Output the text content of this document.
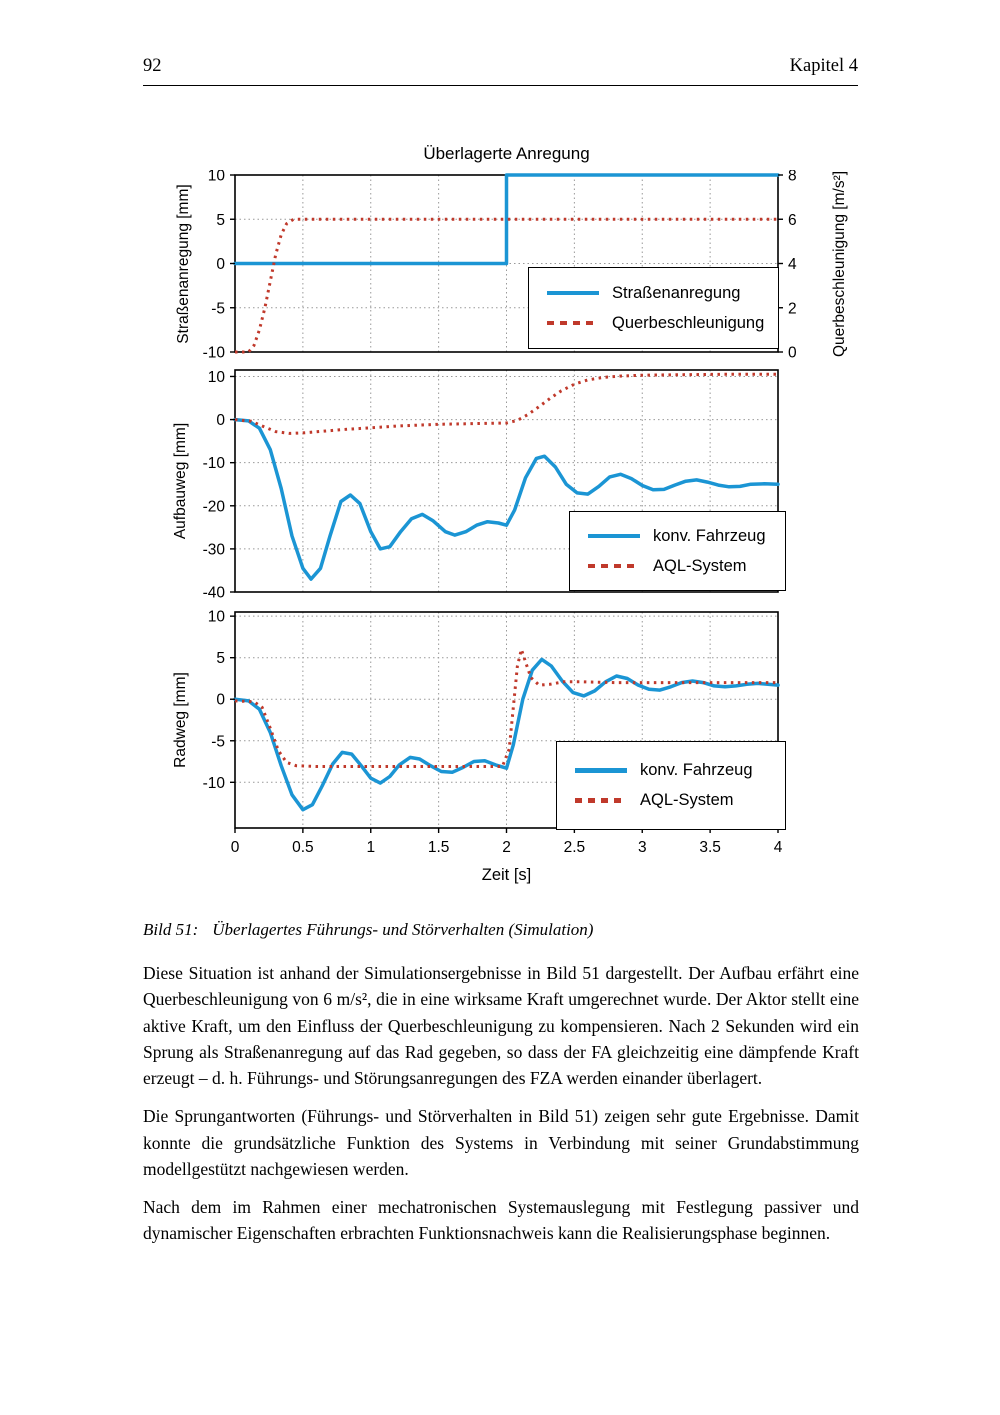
92	Kapitel 4
Überlagerte Anregung
Straßenanregung [mm]	Querbeschleunigung [m/s²]
Aufbauweg [mm]
Radweg [mm]
10
5
0
-5
-10
8
6
4
2
0
10
0
-10
-20
-30
-40
10
5
0
-5
-10
0	0.5	1	1.5	2	2.5	3	3.5	4
Zeit [s]
Straßenanregung
Querbeschleunigung
konv. Fahrzeug
AQL-System
konv. Fahrzeug
AQL-System
Bild 51: Überlagertes Führungs- und Störverhalten (Simulation)

Diese Situation ist anhand der Simulationsergebnisse in Bild 51 dargestellt. Der Aufbau erfährt eine Querbeschleunigung von 6 m/s², die in eine wirksame Kraft umgerechnet wurde. Der Aktor stellt eine aktive Kraft, um den Einfluss der Querbeschleunigung zu kompensieren. Nach 2 Sekunden wird ein Sprung als Straßenanregung auf das Rad gegeben, so dass der FA gleichzeitig eine dämpfende Kraft erzeugt – d. h. Führungs- und Störungsanregungen des FZA werden einander überlagert.

Die Sprungantworten (Führungs- und Störverhalten in Bild 51) zeigen sehr gute Ergebnisse. Damit konnte die grundsätzliche Funktion des Systems in Verbindung mit seiner Grundabstimmung modellgestützt nachgewiesen werden.

Nach dem im Rahmen einer mechatronischen Systemauslegung mit Festlegung passiver und dynamischer Eigenschaften erbrachten Funktionsnachweis kann die Realisierungsphase beginnen.
